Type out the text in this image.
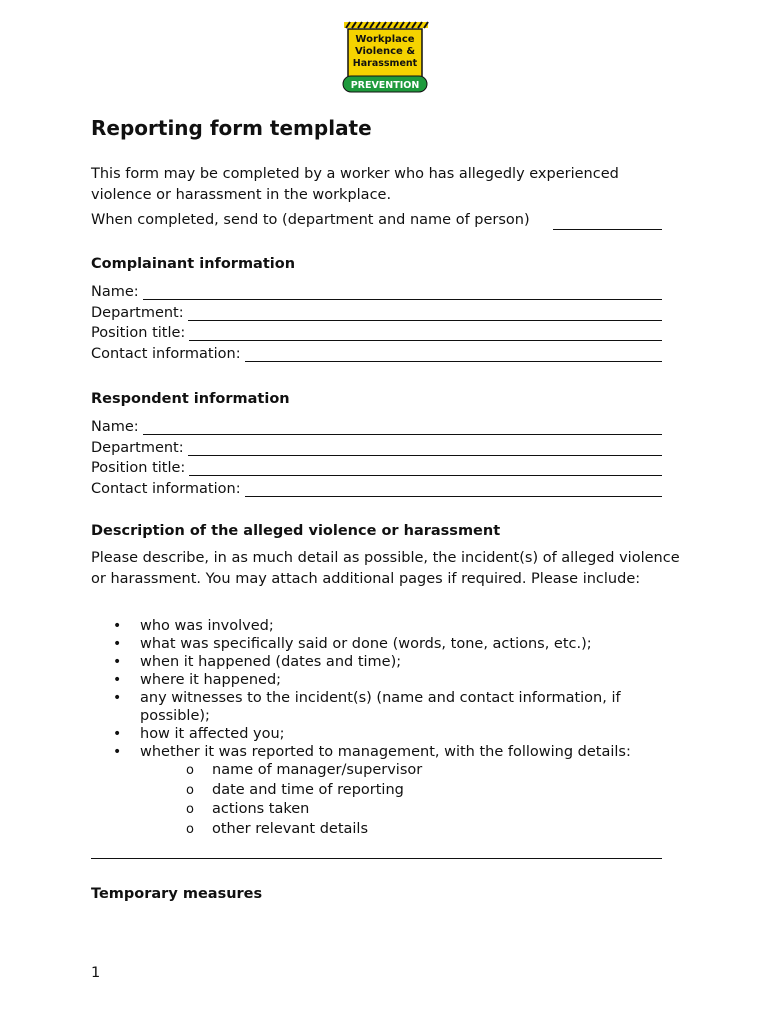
Workplace
Violence &
Harassment
PREVENTION
Reporting form template

This form may be completed by a worker who has allegedly experienced violence or harassment in the workplace.

When completed, send to (department and name of person)

Complainant information
Name:
Department:
Position title:
Contact information:
Respondent information
Name:
Department:
Position title:
Contact information:
Description of the alleged violence or harassment

Please describe, in as much detail as possible, the incident(s) of alleged violence or harassment. You may attach additional pages if required. Please include:

• who was involved;
• what was specifically said or done (words, tone, actions, etc.);
• when it happened (dates and time);
• where it happened;
• any witnesses to the incident(s) (name and contact information, if possible);
• how it affected you;
• whether it was reported to management, with the following details:
o name of manager/supervisor
o date and time of reporting
o actions taken
o other relevant details
Temporary measures
1
